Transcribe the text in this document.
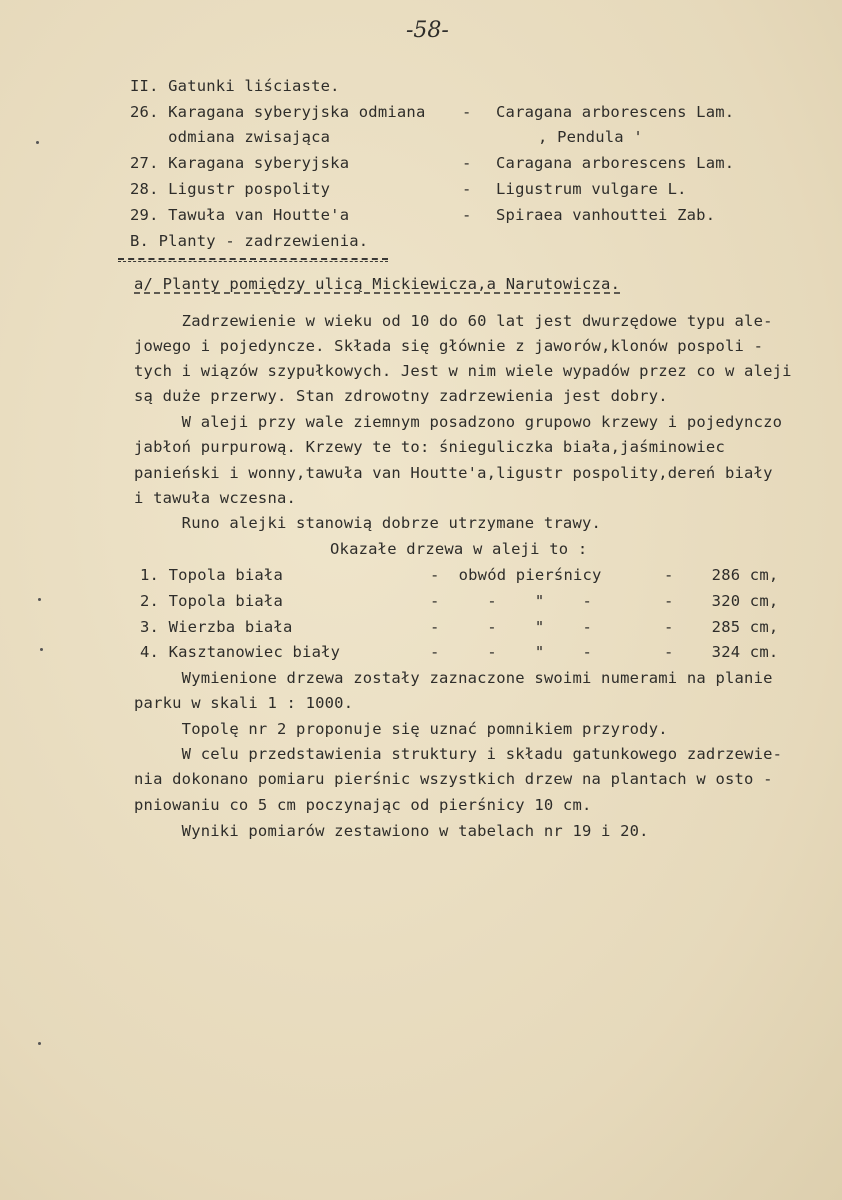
-58-
II. Gatunki liściaste.
26. Karagana syberyjska odmiana - Caragana arborescens Lam.
odmiana zwisająca	, Pendula '
27. Karagana syberyjska	- Caragana arborescens Lam.
28. Ligustr pospolity	- Ligustrum vulgare L.
29. Tawuła van Houtte'a	- Spiraea vanhouttei Zab.
B. Planty - zadrzewienia.
a/ Planty pomiędzy ulicą Mickiewicza,a Narutowicza.
Zadrzewienie w wieku od 10 do 60 lat jest dwurzędowe typu ale-
jowego i pojedyncze. Składa się głównie z jaworów,klonów pospoli -
tych i wiązów szypułkowych. Jest w nim wiele wypadów przez co w aleji
są duże przerwy. Stan zdrowotny zadrzewienia jest dobry.
W aleji przy wale ziemnym posadzono grupowo krzewy i pojedynczo
jabłoń purpurową. Krzewy te to: śnieguliczka biała,jaśminowiec
panieński i wonny,tawuła van Houtte'a,ligustr pospolity,dereń biały
i tawuła wczesna.
Runo alejki stanowią dobrze utrzymane trawy.
Okazałe drzewa w aleji to :
1. Topola biała	-  obwód pierśnicy	-    286 cm,
2. Topola biała	-     -    "    -	-    320 cm,
3. Wierzba biała	-     -    "    -	-    285 cm,
4. Kasztanowiec biały	-     -    "    -	-    324 cm.
Wymienione drzewa zostały zaznaczone swoimi numerami na planie
parku w skali 1 : 1000.
Topolę nr 2 proponuje się uznać pomnikiem przyrody.
W celu przedstawienia struktury i składu gatunkowego zadrzewie-
nia dokonano pomiaru pierśnic wszystkich drzew na plantach w osto -
pniowaniu co 5 cm poczynając od pierśnicy 10 cm.
Wyniki pomiarów zestawiono w tabelach nr 19 i 20.
